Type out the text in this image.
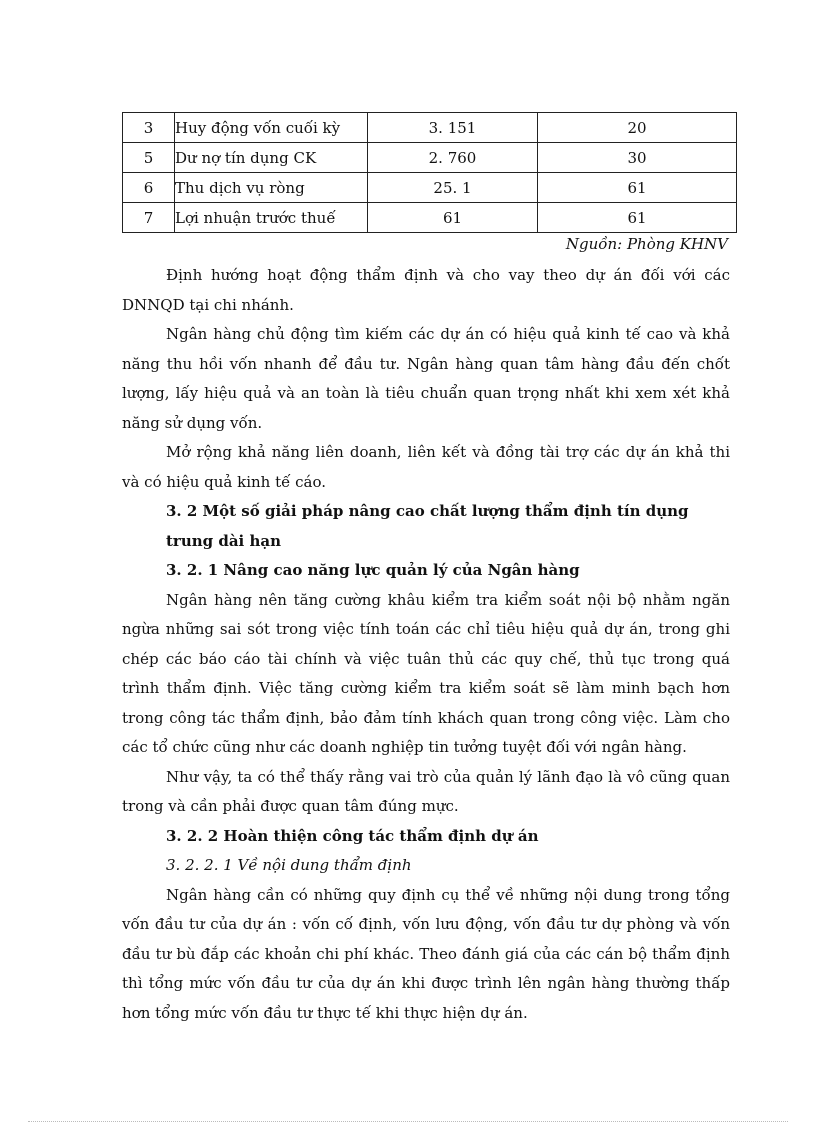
3	Huy động vốn cuối kỳ	3. 151	20
5	Dư nợ tín dụng CK	2. 760	30
6	Thu dịch vụ ròng	25. 1	61
7	Lợi nhuận trước thuế	61	61
Nguồn: Phòng KHNV

Định hướng hoạt động thẩm định và cho vay theo dự án đối với các DNNQD tại chi nhánh.

Ngân hàng chủ động tìm kiếm các dự án có hiệu quả kinh tế cao và khả năng thu hồi vốn nhanh để đầu tư. Ngân hàng quan tâm hàng đầu đến chốt lượng, lấy hiệu quả và an toàn là tiêu chuẩn quan trọng nhất khi xem xét khả năng sử dụng vốn.

Mở rộng khả năng liên doanh, liên kết và đồng tài trợ các dự án khả thi và có hiệu quả kinh tế cáo.

3. 2 Một số giải pháp nâng cao chất lượng thẩm định tín dụng trung dài hạn
3. 2. 1 Nâng cao năng lực quản lý của Ngân hàng

Ngân hàng nên tăng cường khâu kiểm tra kiểm soát nội bộ nhằm ngăn ngừa những sai sót trong việc tính toán các chỉ tiêu hiệu quả dự án, trong ghi chép các báo cáo tài chính và việc tuân thủ các quy chế, thủ tục trong quá trình thẩm định. Việc tăng cường kiểm tra kiểm soát sẽ làm minh bạch hơn trong công tác thẩm định, bảo đảm tính khách quan trong công việc. Làm cho các tổ chức cũng như các doanh nghiệp tin tưởng tuyệt đối với ngân hàng.

Như vậy, ta có thể thấy rằng vai trò của quản lý lãnh đạo là vô cũng quan trong và cần phải được quan tâm đúng mực.

3. 2. 2 Hoàn thiện công tác thẩm định dự án
3. 2. 2. 1 Về nội dung thẩm định

Ngân hàng cần có những quy định cụ thể về những nội dung trong tổng vốn đầu tư của dự án : vốn cố định, vốn lưu động, vốn đầu tư dự phòng và vốn đầu tư bù đắp các khoản chi phí khác. Theo đánh giá của các cán bộ thẩm định thì tổng mức vốn đầu tư của dự án khi được trình lên ngân hàng thường thấp hơn tổng mức vốn đầu tư thực tế khi thực hiện dự án.
